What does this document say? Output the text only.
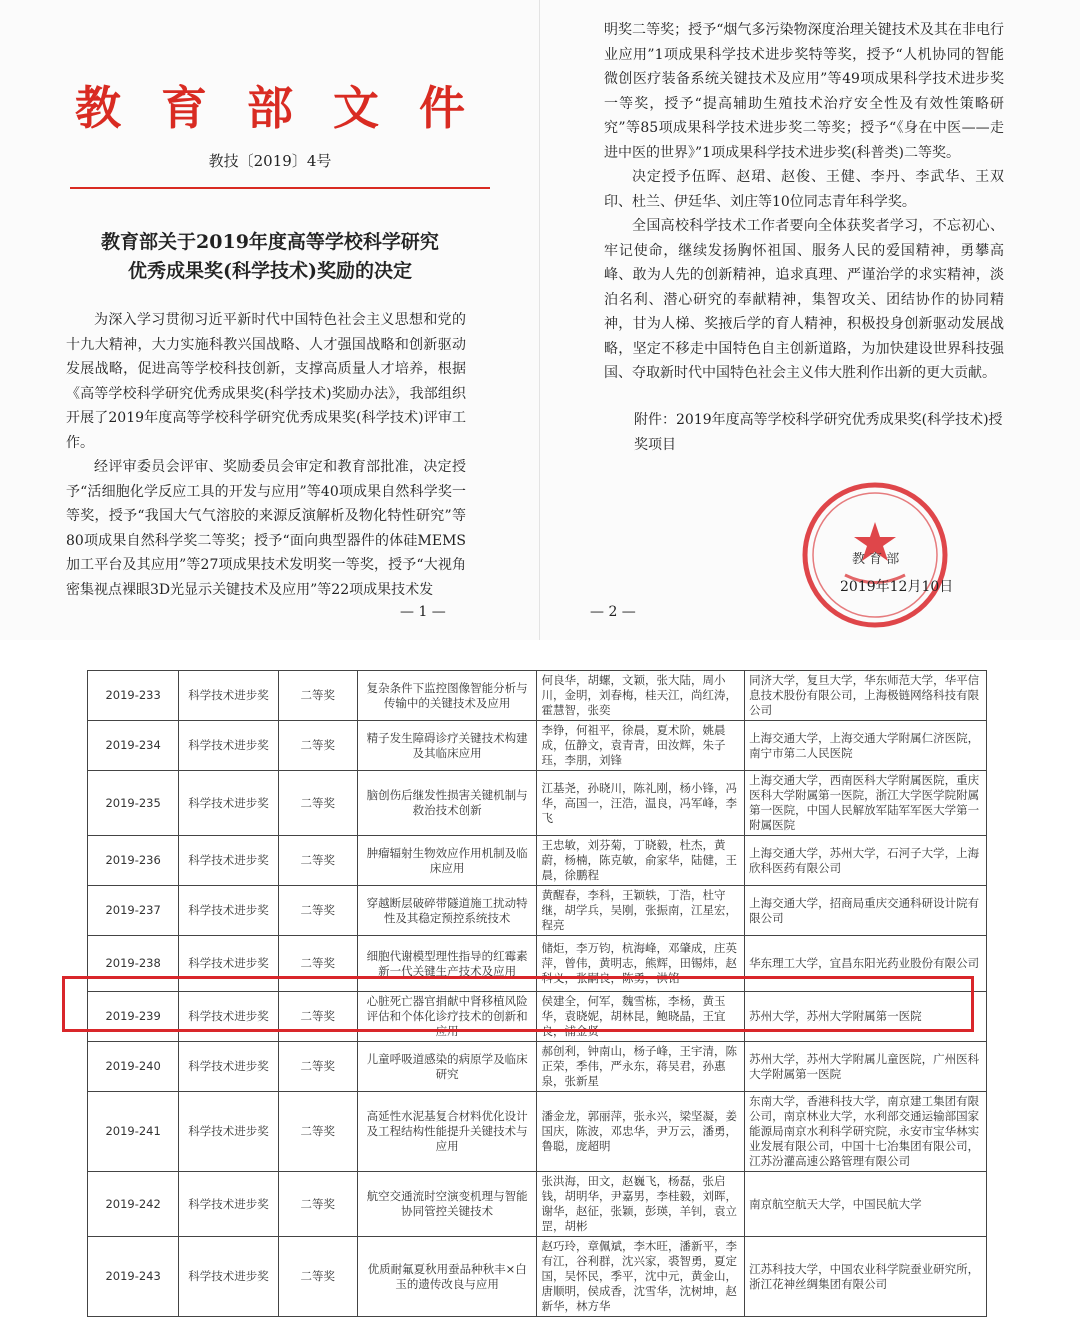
教育部文件
教技〔2019〕4号
教育部关于2019年度高等学校科学研究
优秀成果奖(科学技术)奖励的决定

为深入学习贯彻习近平新时代中国特色社会主义思想和党的十九大精神，大力实施科教兴国战略、人才强国战略和创新驱动发展战略，促进高等学校科技创新，支撑高质量人才培养，根据《高等学校科学研究优秀成果奖(科学技术)奖励办法》，我部组织开展了2019年度高等学校科学研究优秀成果奖(科学技术)评审工作。

经评审委员会评审、奖励委员会审定和教育部批准，决定授予“活细胞化学反应工具的开发与应用”等40项成果自然科学奖一等奖，授予“我国大气气溶胶的来源反演解析及物化特性研究”等80项成果自然科学奖二等奖；授予“面向典型器件的体硅MEMS加工平台及其应用”等27项成果技术发明奖一等奖，授予“大视角密集视点裸眼3D光显示关键技术及应用”等22项成果技术发

— 1 —

明奖二等奖；授予“烟气多污染物深度治理关键技术及其在非电行业应用”1项成果科学技术进步奖特等奖，授予“人机协同的智能微创医疗装备系统关键技术及应用”等49项成果科学技术进步奖一等奖，授予“提高辅助生殖技术治疗安全性及有效性策略研究”等85项成果科学技术进步奖二等奖；授予“《身在中医——走进中医的世界》”1项成果科学技术进步奖(科普类)二等奖。

决定授予伍晖、赵珺、赵俊、王健、李丹、李武华、王双印、杜兰、伊廷华、刘庄等10位同志青年科学奖。

全国高校科学技术工作者要向全体获奖者学习，不忘初心、牢记使命，继续发扬胸怀祖国、服务人民的爱国精神，勇攀高峰、敢为人先的创新精神，追求真理、严谨治学的求实精神，淡泊名利、潜心研究的奉献精神，集智攻关、团结协作的协同精神，甘为人梯、奖掖后学的育人精神，积极投身创新驱动发展战略，坚定不移走中国特色自主创新道路，为加快建设世界科技强国、夺取新时代中国特色社会主义伟大胜利作出新的更大贡献。

附件：2019年度高等学校科学研究优秀成果奖(科学技术)授奖项目
教 育 部
2019年12月10日
— 2 —
2019-233	科学技术进步奖	二等奖	复杂条件下监控图像智能分析与传输中的关键技术及应用	何良华，胡螺，文颖，张大陆，周小川，金明，刘春梅，桂天江，尚红涛，霍慧智，张奕	同济大学，复旦大学，华东师范大学，华平信息技术股份有限公司，上海极链网络科技有限公司
2019-234	科学技术进步奖	二等奖	精子发生障碍诊疗关键技术构建及其临床应用	李铮，何祖平，徐晨，夏术阶，姚晨成，伍静文，袁青青，田汝辉，朱子珏，李朋，刘锋	上海交通大学，上海交通大学附属仁济医院，南宁市第二人民医院
2019-235	科学技术进步奖	二等奖	脑创伤后继发性损害关键机制与救治技术创新	江基尧，孙晓川，陈礼刚，杨小锋，冯华，高国一，汪浩，温良，冯军峰，李飞	上海交通大学，西南医科大学附属医院，重庆医科大学附属第一医院，浙江大学医学院附属第一医院，中国人民解放军陆军军医大学第一附属医院
2019-236	科学技术进步奖	二等奖	肿瘤辐射生物效应作用机制及临床应用	王忠敏，刘芬菊，丁晓毅，杜杰，黄蔚，杨楠，陈克敏，俞家华，陆健，王晨，徐鹏程	上海交通大学，苏州大学，石河子大学，上海欣科医药有限公司
2019-237	科学技术进步奖	二等奖	穿越断层破碎带隧道施工扰动特性及其稳定预控系统技术	黄醒春，李科，王颖轶，丁浩，杜守继，胡学兵，吴刚，张振南，江星宏，程亮	上海交通大学，招商局重庆交通科研设计院有限公司
2019-238	科学技术进步奖	二等奖	细胞代谢模型理性指导的红霉素新一代关键生产技术及应用	储炬，李万钧，杭海峰，邓肇成，庄英萍，曾伟，黄明志，熊辉，田锡炜，赵科义，张嗣良，陈勇，洪铭	华东理工大学，宜昌东阳光药业股份有限公司
2019-239	科学技术进步奖	二等奖	心脏死亡器官捐献中肾移植风险评估和个体化诊疗技术的创新和应用	侯建全，何军，魏雪栋，李杨，黄玉华，袁晓妮，胡林昆，鲍晓晶，王宜良，浦金贤	苏州大学，苏州大学附属第一医院
2019-240	科学技术进步奖	二等奖	儿童呼吸道感染的病原学及临床研究	郝创利，钟南山，杨子峰，王宇清，陈正荣，季伟，严永东，蒋吴君，孙惠泉，张新星	苏州大学，苏州大学附属儿童医院，广州医科大学附属第一医院
2019-241	科学技术进步奖	二等奖	高延性水泥基复合材料优化设计及工程结构性能提升关键技术与应用	潘金龙，郭丽萍，张永兴，梁坚凝，姜国庆，陈波，邓忠华，尹万云，潘勇，鲁聪，庞超明	东南大学，香港科技大学，南京建工集团有限公司，南京林业大学，水利部交通运输部国家能源局南京水利科学研究院，永安市宝华林实业发展有限公司，中国十七冶集团有限公司，江苏汾灌高速公路管理有限公司
2019-242	科学技术进步奖	二等奖	航空交通流时空演变机理与智能协同管控关键技术	张洪海，田文，赵巍飞，杨磊，张启钱，胡明华，尹嘉男，李桂毅，刘晖，谢华，赵征，张颖，彭瑛，羊钊，袁立罡，胡彬	南京航空航天大学，中国民航大学
2019-243	科学技术进步奖	二等奖	优质耐氟夏秋用蚕品种秋丰×白玉的遗传改良与应用	赵巧玲，章佩斌，李木旺，潘新平，李有江，谷利群，沈兴家，裘智勇，夏定国，吴怀民，季平，沈中元，黄金山，唐顺明，侯成香，沈雪华，沈树坤，赵新华，林方华	江苏科技大学，中国农业科学院蚕业研究所，浙江花神丝绸集团有限公司
